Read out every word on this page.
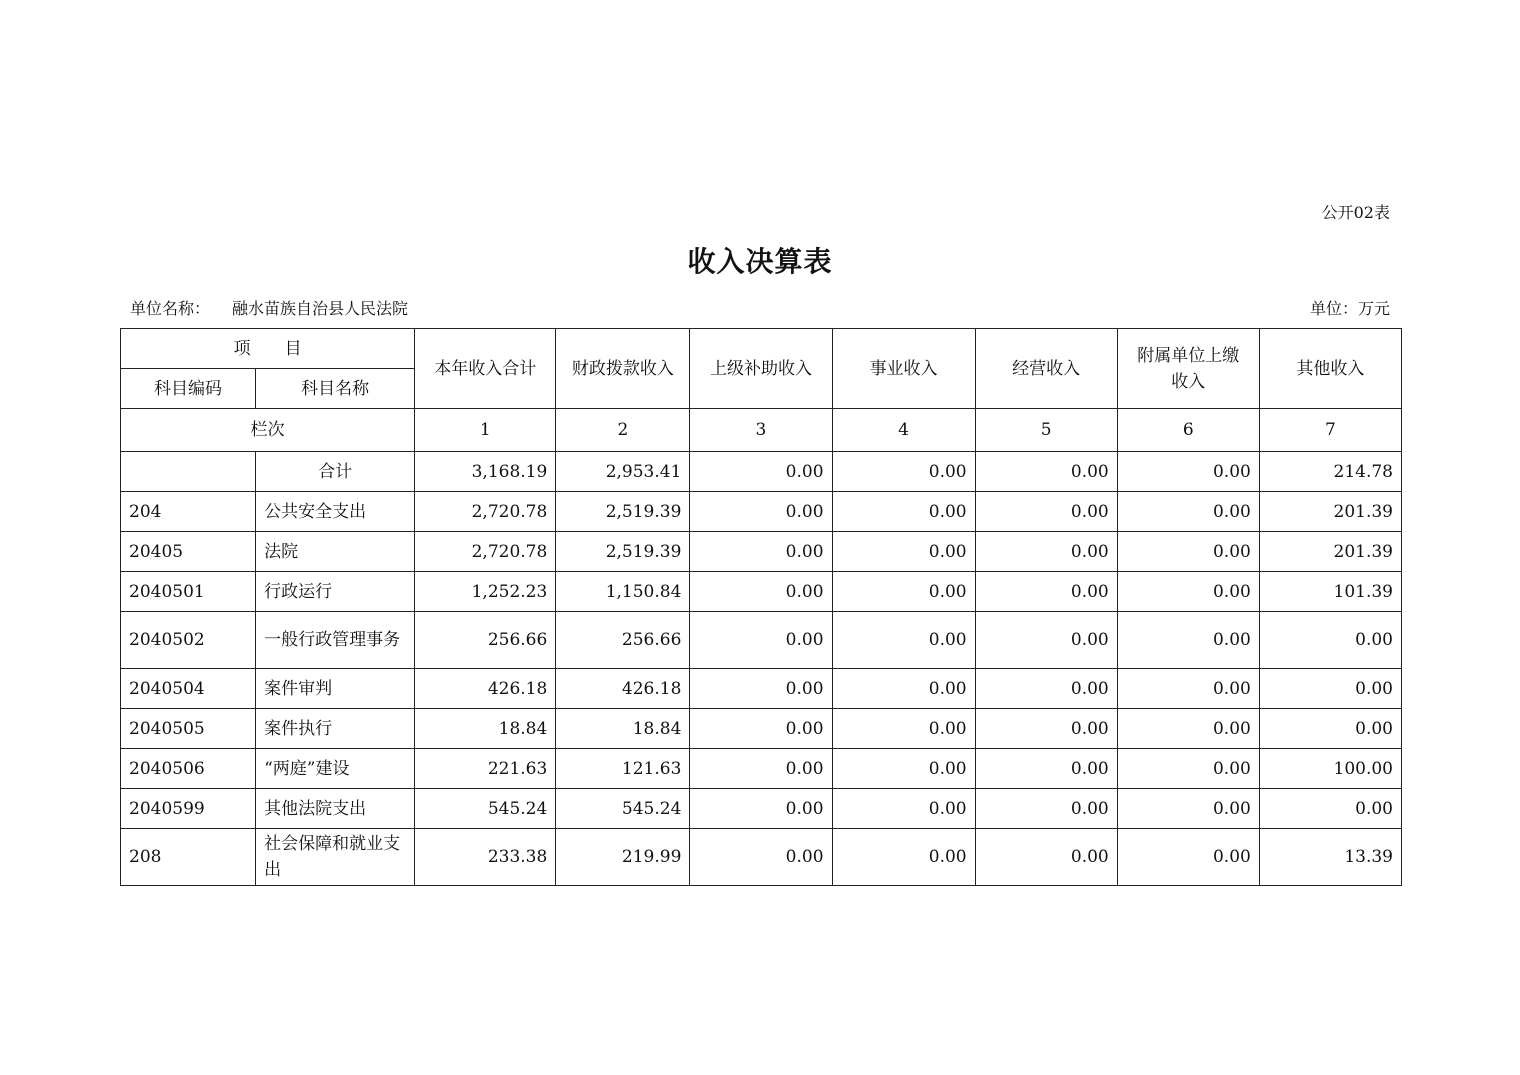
公开02表
收入决算表
单位名称： 融水苗族自治县人民法院	单位：万元
项　　目		本年收入合计	财政拨款收入	上级补助收入	事业收入	经营收入	附属单位上缴收入	其他收入
科目编码	科目名称							
栏次		1	2	3	4	5	6	7
	合计	3,168.19	2,953.41	0.00	0.00	0.00	0.00	214.78
204	公共安全支出	2,720.78	2,519.39	0.00	0.00	0.00	0.00	201.39
20405	法院	2,720.78	2,519.39	0.00	0.00	0.00	0.00	201.39
2040501	行政运行	1,252.23	1,150.84	0.00	0.00	0.00	0.00	101.39
2040502	一般行政管理事务	256.66	256.66	0.00	0.00	0.00	0.00	0.00
2040504	案件审判	426.18	426.18	0.00	0.00	0.00	0.00	0.00
2040505	案件执行	18.84	18.84	0.00	0.00	0.00	0.00	0.00
2040506	“两庭”建设	221.63	121.63	0.00	0.00	0.00	0.00	100.00
2040599	其他法院支出	545.24	545.24	0.00	0.00	0.00	0.00	0.00
208	社会保障和就业支出	233.38	219.99	0.00	0.00	0.00	0.00	13.39
